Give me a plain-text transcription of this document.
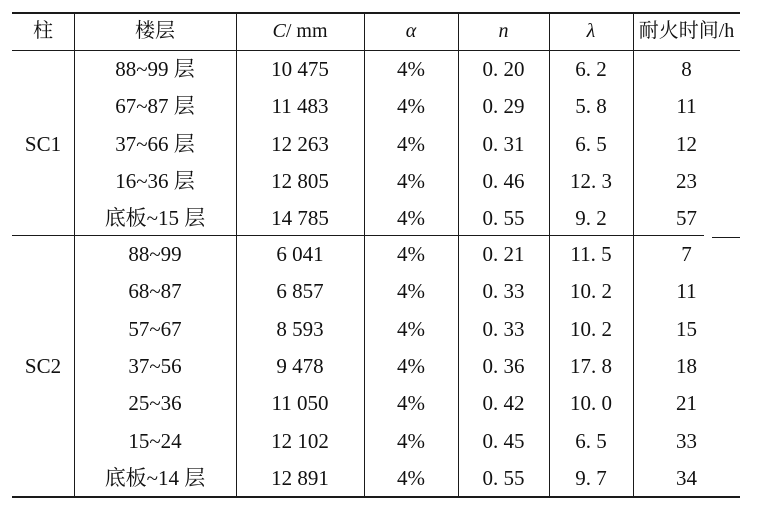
柱	楼层	C/ mm	α	n	λ	耐火时间/h
SC1
88~99 层	10 475	4%	0. 20	6. 2	8
67~87 层	11 483	4%	0. 29	5. 8	11
37~66 层	12 263	4%	0. 31	6. 5	12
16~36 层	12 805	4%	0. 46	12. 3	23
底板~15 层	14 785	4%	0. 55	9. 2	57
SC2
88~99	6 041	4%	0. 21	11. 5	7
68~87	6 857	4%	0. 33	10. 2	11
57~67	8 593	4%	0. 33	10. 2	15
37~56	9 478	4%	0. 36	17. 8	18
25~36	11 050	4%	0. 42	10. 0	21
15~24	12 102	4%	0. 45	6. 5	33
底板~14 层	12 891	4%	0. 55	9. 7	34
